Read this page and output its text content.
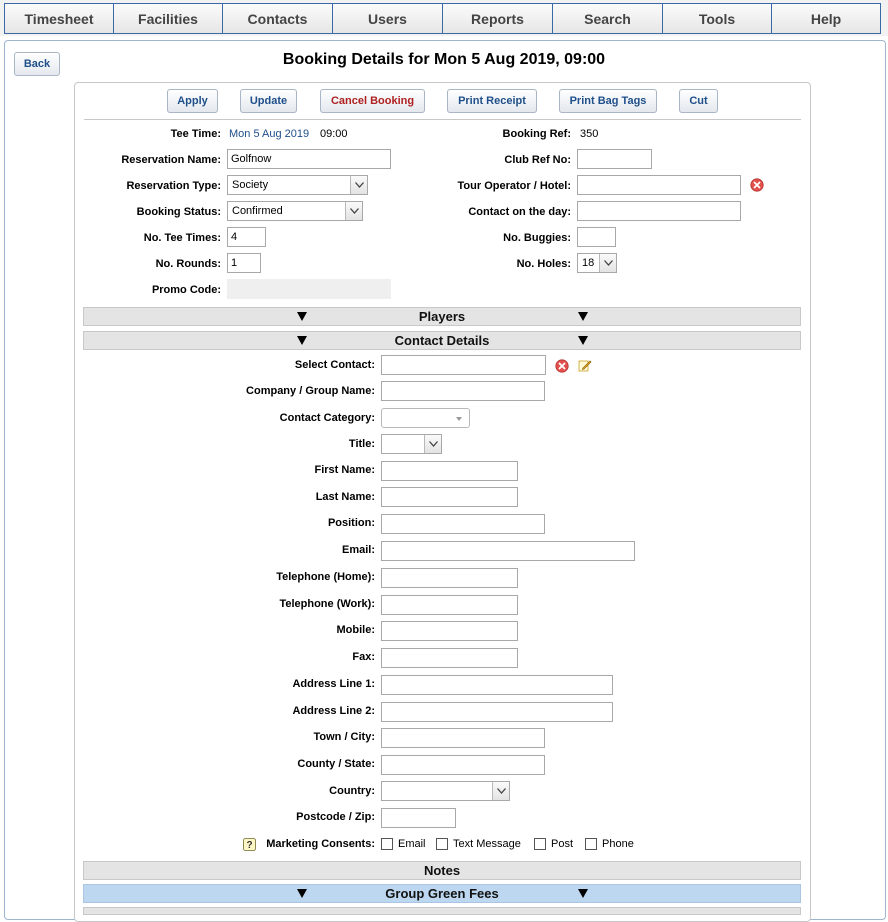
Timesheet	Facilities	Contacts	Users	Reports	Search	Tools	Help
Back	Booking Details for Mon 5 Aug 2019, 09:00
Apply	Update	Cancel Booking	Print Receipt	Print Bag Tags	Cut
Tee Time: Mon 5 Aug 2019 09:00
Reservation Name:
Golfnow
Reservation Type:	Society
Booking Status:	Confirmed
No. Tee Times:
4
No. Rounds:
1
Promo Code:
Booking Ref: 350
Club Ref No:
Tour Operator / Hotel:
Contact on the day:
No. Buggies:
No. Holes:	18
Players
Contact Details
Select Contact:
Company / Group Name:
Contact Category:
Title:
First Name:
Last Name:
Position:
Email:
Telephone (Home):
Telephone (Work):
Mobile:
Fax:
Address Line 1:
Address Line 2:
Town / City:
County / State:
Country:
Postcode / Zip:
? Marketing Consents: Email Text Message	Post	Phone
Notes
Group Green Fees
